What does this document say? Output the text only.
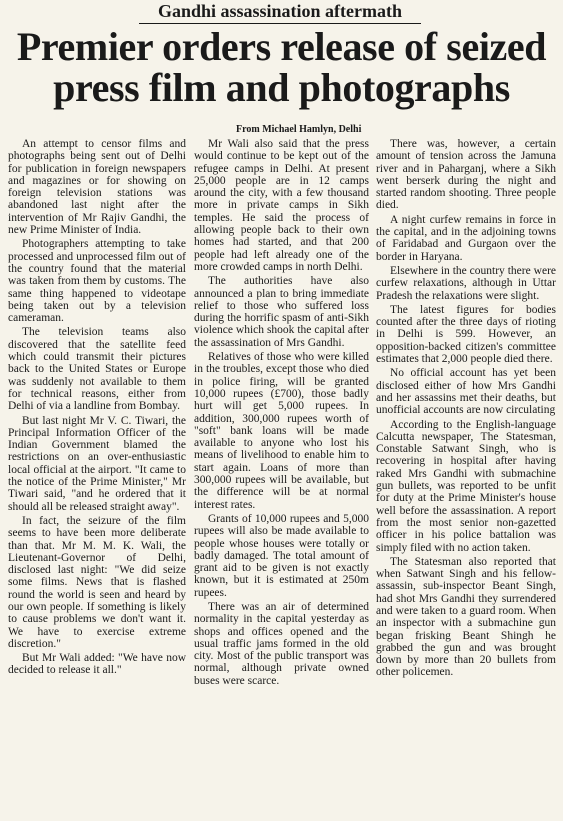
Gandhi assassination aftermath
Premier orders release of seized press film and photographs
From Michael Hamlyn, Delhi

An attempt to censor films and photographs being sent out of Delhi for publication in foreign newspapers and magazines or for showing on foreign television stations was abandoned last night after the intervention of Mr Rajiv Gandhi, the new Prime Minister of India.

Photographers attempting to take processed and unprocessed film out of the country found that the material was taken from them by customs. The same thing happened to videotape being taken out by a television cameraman.

The television teams also discovered that the satellite feed which could transmit their pictures back to the United States or Europe was suddenly not available to them for technical reasons, either from Delhi of via a landline from Bombay.

But last night Mr V. C. Tiwari, the Principal Information Officer of the Indian Government blamed the restrictions on an over-enthusiastic local official at the airport. "It came to the notice of the Prime Minister," Mr Tiwari said, "and he ordered that it should all be released straight away".

In fact, the seizure of the film seems to have been more deliberate than that. Mr M. M. K. Wali, the Lieutenant-Governor of Delhi, disclosed last night: "We did seize some films. News that is flashed round the world is seen and heard by our own people. If something is likely to cause problems we don't want it. We have to exercise extreme discretion."

But Mr Wali added: "We have now decided to release it all."

Mr Wali also said that the press would continue to be kept out of the refugee camps in Delhi. At present 25,000 people are in 12 camps around the city, with a few thousand more in private camps in Sikh temples. He said the process of allowing people back to their own homes had started, and that 200 people had left already one of the more crowded camps in north Delhi.

The authorities have also announced a plan to bring immediate relief to those who suffered loss during the horrific spasm of anti-Sikh violence which shook the capital after the assassination of Mrs Gandhi.

Relatives of those who were killed in the troubles, except those who died in police firing, will be granted 10,000 rupees (£700), those badly hurt will get 5,000 rupees. In addition, 300,000 rupees worth of "soft" bank loans will be made available to anyone who lost his means of livelihood to enable him to start again. Loans of more than 300,000 rupees will be available, but the difference will be at normal interest rates.

Grants of 10,000 rupees and 5,000 rupees will also be made available to people whose houses were totally or badly damaged. The total amount of grant aid to be given is not exactly known, but it is estimated at 250m rupees.

There was an air of determined normality in the capital yesterday as shops and offices opened and the usual traffic jams formed in the old city. Most of the public transport was normal, although private owned buses were scarce.

There was, however, a certain amount of tension across the Jamuna river and in Paharganj, where a Sikh went berserk during the night and started random shooting. Three people died.

A night curfew remains in force in the capital, and in the adjoining towns of Faridabad and Gurgaon over the border in Haryana.

Elsewhere in the country there were curfew relaxations, although in Uttar Pradesh the relaxations were slight.

The latest figures for bodies counted after the three days of rioting in Delhi is 599. However, an opposition-backed citizen's committee estimates that 2,000 people died there.

No official account has yet been disclosed either of how Mrs Gandhi and her assassins met their deaths, but unofficial accounts are now circulating

According to the English-language Calcutta newspaper, The Statesman, Constable Satwant Singh, who is recovering in hospital after having raked Mrs Gandhi with submachine gun bullets, was reported to be unfit for duty at the Prime Minister's house well before the assassination. A report from the most senior non-gazetted officer in his police battalion was simply filed with no action taken.

The Statesman also reported that when Satwant Singh and his fellow-assassin, sub-inspector Beant Singh, had shot Mrs Gandhi they surrendered and were taken to a guard room. When an inspector with a submachine gun began frisking Beant Shingh he grabbed the gun and was brought down by more than 20 bullets from other policemen.
